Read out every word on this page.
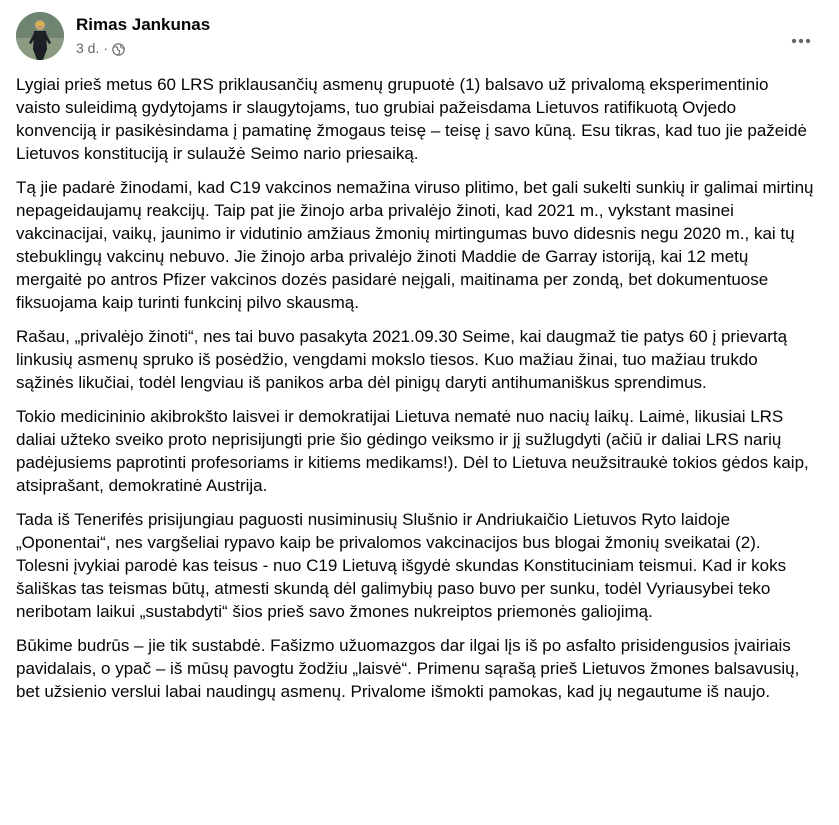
Rimas Jankunas
3 d. ·

Lygiai prieš metus 60 LRS priklausančių asmenų grupuotė (1) balsavo už privalomą eksperimentinio vaisto suleidimą gydytojams ir slaugytojams, tuo grubiai pažeisdama Lietuvos ratifikuotą Ovjedo konvenciją ir pasikėsindama į pamatinę žmogaus teisę – teisę į savo kūną. Esu tikras, kad tuo jie pažeidė Lietuvos konstituciją ir sulaužė Seimo nario priesaiką.

Tą jie padarė žinodami, kad C19 vakcinos nemažina viruso plitimo, bet gali sukelti sunkių ir galimai mirtinų nepageidaujamų reakcijų. Taip pat jie žinojo arba privalėjo žinoti, kad 2021 m., vykstant masinei vakcinacijai, vaikų, jaunimo ir vidutinio amžiaus žmonių mirtingumas buvo didesnis negu 2020 m., kai tų stebuklingų vakcinų nebuvo. Jie žinojo arba privalėjo žinoti Maddie de Garray istoriją, kai 12 metų mergaitė po antros Pfizer vakcinos dozės pasidarė neįgali, maitinama per zondą, bet dokumentuose fiksuojama kaip turinti funkcinį pilvo skausmą.

Rašau, „privalėjo žinoti“, nes tai buvo pasakyta 2021.09.30 Seime, kai daugmaž tie patys 60 į prievartą linkusių asmenų spruko iš posėdžio, vengdami mokslo tiesos. Kuo mažiau žinai, tuo mažiau trukdo sąžinės likučiai, todėl lengviau iš panikos arba dėl pinigų daryti antihumaniškus sprendimus.

Tokio medicininio akibrokšto laisvei ir demokratijai Lietuva nematė nuo nacių laikų. Laimė, likusiai LRS daliai užteko sveiko proto neprisijungti prie šio gėdingo veiksmo ir jį sužlugdyti (ačiū ir daliai LRS narių padėjusiems paprotinti profesoriams ir kitiems medikams!). Dėl to Lietuva neužsitraukė tokios gėdos kaip, atsiprašant, demokratinė Austrija.

Tada iš Tenerifės prisijungiau paguosti nusiminusių Slušnio ir Andriukaičio Lietuvos Ryto laidoje „Oponentai“, nes vargšeliai rypavo kaip be privalomos vakcinacijos bus blogai žmonių sveikatai (2). Tolesni įvykiai parodė kas teisus - nuo C19 Lietuvą išgydė skundas Konstituciniam teismui. Kad ir koks šališkas tas teismas būtų, atmesti skundą dėl galimybių paso buvo per sunku, todėl Vyriausybei teko neribotam laikui „sustabdyti“ šios prieš savo žmones nukreiptos priemonės galiojimą.

Būkime budrūs – jie tik sustabdė. Fašizmo užuomazgos dar ilgai lįs iš po asfalto prisidengusios įvairiais pavidalais, o ypač – iš mūsų pavogtu žodžiu „laisvė“. Primenu sąrašą prieš Lietuvos žmones balsavusių, bet užsienio verslui labai naudingų asmenų. Privalome išmokti pamokas, kad jų negautume iš naujo.
